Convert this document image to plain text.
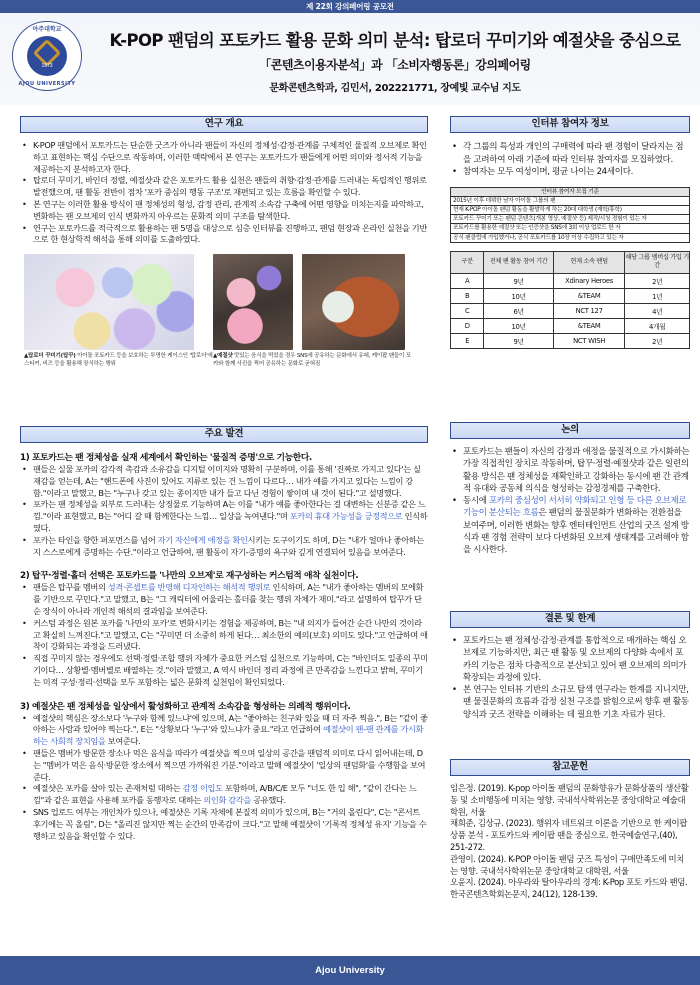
제 22회 강의페어링 공모전
아주대학교
1973
AJOU UNIVERSITY
K-POP 팬덤의 포토카드 활용 문화 의미 분석: 탑로더 꾸미기와 예절샷을 중심으로
「콘텐츠이용자분석」과 「소비자행동론」강의페어링
문화콘텐츠학과, 김민서, 202221771, 장예빛 교수님 지도
연구 개요
• K-POP 팬덤에서 포토카드는 단순한 굿즈가 아니라 팬들이 자신의 정체성·감정·관계를 구체적인 물질적 오브제로 확인하고 표현하는 핵심 수단으로 작동하며, 이러한 맥락에서 본 연구는 포토카드가 팬들에게 어떤 의미와 정서적 기능을 제공하는지 분석하고자 한다.
• 탑로더 꾸미기, 바인더 정렬, 예절샷과 같은 포토카드 활용 실천은 팬들의 취향·감정·관계를 드러내는 독립적인 행위로 발전했으며, 팬 활동 전반이 점차 '포카 중심의 행동 구조'로 재편되고 있는 흐름을 확인할 수 있다.
• 본 연구는 이러한 활용 방식이 팬 정체성의 형성, 감정 관리, 관계적 소속감 구축에 어떤 영향을 미치는지를 파악하고, 변화하는 팬 오브제의 인식 변화까지 아우르는 문화적 의미 구조를 탐색한다.
• 연구는 포토카드를 적극적으로 활용하는 팬 5명을 대상으로 심층 인터뷰를 진행하고, 팬덤 현장과 온라인 실천을 기반으로 한 현상학적 해석을 통해 의미를 도출하였다.
▲탑로더 꾸미기(탑꾸) 아이돌 포토카드 등을 보호하는 투명한 케이스인 '탑로더'에 스티커, 비즈 등을 활용해 장식하는 행위
▲예절샷 맛있는 음식을 먹었을 경우 SNS에 공유하는 문화에서 유래, 케이팝 팬들이 포카와 함께 사진을 찍어 공유하는 문화로 굳혀짐
주요 발견
1) 포토카드는 팬 정체성을 실재 세계에서 확인하는 '물질적 증명'으로 기능한다.
• 팬들은 실물 포카의 감각적 촉감과 소유감을 디지털 이미지와 명확히 구분하며, 이를 통해 '진짜로 가지고 있다'는 실재감을 얻는데, A는 "핸드폰에 사진이 있어도 지류로 있는 건 느낌이 다르다… 내가 얘를 가지고 있다는 느낌이 강함."이라고 말했고, B는 "누구나 갖고 있는 종이지만 내가 들고 다닌 경험이 쌓이며 내 것이 된다."고 설명했다.
• 포카는 팬 정체성을 외부로 드러내는 상징물로 기능하며 A는 이를 "내가 얘를 좋아한다는 걸 대변하는 신분증 같은 느낌."이라 표현했고, B는 "어디 갈 때 함께한다는 느낌… 일상을 녹여낸다."며 포카의 휴대 가능성을 긍정적으로 인식하였다.
• 포카는 타인을 향한 퍼포먼스를 넘어 자기 자신에게 애정을 확인시키는 도구이기도 하며, D는 "내가 얼마나 좋아하는지 스스로에게 증명하는 수단."이라고 언급하여, 팬 활동이 자기-증명의 욕구와 깊게 연결되어 있음을 보여준다.
2) 탑꾸·정렬·홀더 선택은 포토카드를 '나만의 오브제'로 재구성하는 커스텀적 애착 실천이다.
• 팬들은 탑꾸를 멤버의 성격·콘셉트를 반영해 디자인하는 해석적 행위로 인식하며, A는 "내가 좋아하는 멤버의 모에화를 기반으로 꾸민다."고 말했고, B는 "그 캐릭터에 어울리는 홀더를 찾는 행위 자체가 재미."라고 설명하여 탑꾸가 단순 장식이 아니라 개인적 해석의 결과임을 보여준다.
• 커스텀 과정은 원본 포카를 '나만의 포카'로 변화시키는 경험을 제공하며, B는 "내 의지가 들어간 순간 나만의 것이라고 확실히 느껴진다."고 말했고, C는 "꾸미면 더 소중히 하게 된다… 최소한의 예의(보호) 의미도 있다."고 언급하며 애착이 강화되는 과정을 드러냈다.
• 직접 꾸미지 않는 경우에도 선택·정렬·조합 행위 자체가 중요한 커스텀 실천으로 기능하며, C는 "바인더도 일종의 꾸미기이다… 상황별·멤버별로 배열하는 것."이라 말했고, A 역시 바인더 정리 과정에 큰 만족감을 느낀다고 밝혀, 꾸미기는 미적 구성·정리·선택을 모두 포함하는 넓은 문화적 실천임이 확인되었다.
3) 예절샷은 팬 정체성을 일상에서 활성화하고 관계적 소속감을 형성하는 의례적 행위이다.
• 예절샷의 핵심은 장소보다 '누구와 함께 있느냐'에 있으며, A는 "좋아하는 친구와 있을 때 더 자주 찍음.", B는 "같이 좋아하는 사람과 있어야 찍는다.", E는 "상황보다 '누구'와 있느냐가 중요."라고 언급하여 예절샷이 팬-팬 관계를 가시화하는 사회적 장치임을 보여준다.
• 팬들은 멤버가 방문한 장소나 먹은 음식을 따라가 예절샷을 찍으며 일상의 공간을 팬덤적 의미로 다시 읽어내는데, D는 "멤버가 먹은 음식·방문한 장소에서 찍으면 가까워진 기분."이라고 말해 예절샷이 '일상의 팬덤화'를 수행함을 보여준다.
• 예절샷은 포카를 살아 있는 존재처럼 대하는 감정 이입도 포함하며, A/B/C/E 모두 "너도 한 입 해", "같이 간다는 느낌"과 같은 표현을 사용해 포카를 동행자로 대하는 의인화 감각을 공유했다.
• SNS 업로드 여부는 개인차가 있으나, 예절샷은 기록 자체에 본질적 의미가 있으며, B는 "거의 올린다", C는 "콘서트 후기에는 꼭 올림", D는 "올리진 않지만 찍는 순간의 만족감이 크다."고 말해 예절샷이 '기록적 정체성 유지' 기능을 수행하고 있음을 확인할 수 있다.
인터뷰 참여자 정보
• 각 그룹의 특성과 개인의 구매력에 따라 팬 경험이 달라지는 점을 고려하여 아래 기준에 따라 인터뷰 참여자를 모집하였다.
• 참여자는 모두 여성이며, 평균 나이는 24세이다.
인터뷰 참여자 모집 기준
2015년 이후 데뷔한 남자 아이돌 그룹의 팬
현재 K-POP 아이돌 팬덤 활동을 활발하게 하는 20대 대학생 (재학/휴학)
포토카드 꾸미기 또는 팬덤 콘텐츠(개봉 영상, 예절샷 등) 제작/시청 경험이 있는 자
포토카드를 활용한 예절샷 또는 인증샷을 SNS에 3회 이상 업로드 한 자
공식 팬클럽에 가입했거나, 공식 포토카드를 10장 이상 수집하고 있는 자
구분	전체 팬 활동 참여 기간	현재 소속 팬덤	해당 그룹 멤버십 가입 기간
A	9년	Xdinary Heroes	2년
B	10년	&TEAM	1년
C	6년	NCT 127	4년
D	10년	&TEAM	4개월
E	9년	NCT WISH	2년
논의
• 포토카드는 팬들이 자신의 감정과 애정을 물질적으로 가시화하는 가장 직접적인 장치로 작동하며, 탑꾸·정렬·예절샷과 같은 일련의 활용 방식은 팬 정체성을 재확인하고 강화하는 동시에 팬 간 관계적 유대와 공동체 의식을 형성하는 감정경제를 구축한다.
• 동시에 포카의 중심성이 서서히 약화되고 인형 등 다른 오브제로 기능이 분산되는 흐름은 팬덤의 물질문화가 변화하는 전환점을 보여주며, 이러한 변화는 향후 엔터테인먼트 산업의 굿즈 설계 방식과 팬 경험 전략이 보다 다변화된 오브제 생태계를 고려해야 함을 시사한다.
결론 및 한계
• 포토카드는 팬 정체성·감정·관계를 통합적으로 매개하는 핵심 오브제로 기능하지만, 최근 팬 활동 및 오브제의 다양화 속에서 포카의 기능은 점차 다층적으로 분산되고 있어 팬 오브제의 의미가 확장되는 과정에 있다.
• 본 연구는 인터뷰 기반의 소규모 탐색 연구라는 한계를 지니지만, 팬 물질문화의 흐름과 감정 실천 구조를 밝힘으로써 향후 팬 활동 양식과 굿즈 전략을 이해하는 데 필요한 기초 자료가 된다.
참고문헌

임은정. (2019). K-pop 아이돌 팬덤의 문화향유가 문화상품의 생산활동 및 소비행동에 미치는 영향. 국내석사학위논문 중앙대학교 예술대학원, 서울

채희준, 김상규. (2023). 행위자 네트워크 이론을 기반으로 한 케이팝 상품 분석 - 포토카드와 케이팝 팬을 중심으로. 한국예술연구,(40), 251-272.

관영이. (2024). K-POP 아이돌 팬덤 굿즈 특성이 구매만족도에 미치는 영향. 국내석사학위논문 중앙대학교 대학원, 서울

오윤지. (2024). 아우라와 탈아우라의 경계: K-Pop 포토 카드와 팬덤. 한국콘텐츠학회논문지, 24(12), 128-139.

Ajou University
